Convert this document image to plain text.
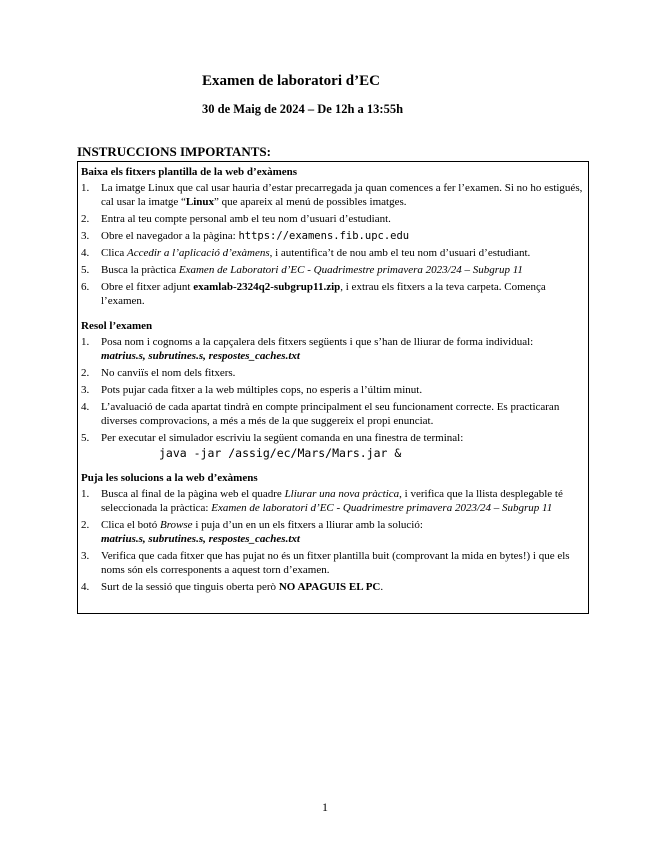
Examen de laboratori d’EC
30 de Maig de 2024 – De 12h a 13:55h
INSTRUCCIONS IMPORTANTS:
Baixa els fitxers plantilla de la web d’exàmens
1. La imatge Linux que cal usar hauria d’estar precarregada ja quan comences a fer l’examen. Si no ho estigués, cal usar la imatge “Linux” que apareix al menú de possibles imatges.
2. Entra al teu compte personal amb el teu nom d’usuari d’estudiant.
3. Obre el navegador a la pàgina: https://examens.fib.upc.edu
4. Clica Accedir a l’aplicació d’exàmens, i autentifica’t de nou amb el teu nom d’usuari d’estudiant.
5. Busca la pràctica Examen de Laboratori d’EC - Quadrimestre primavera 2023/24 – Subgrup 11
6. Obre el fitxer adjunt examlab-2324q2-subgrup11.zip, i extrau els fitxers a la teva carpeta. Comença l’examen.
Resol l’examen
1. Posa nom i cognoms a la capçalera dels fitxers següents i que s’han de lliurar de forma individual:
matrius.s, subrutines.s, respostes_caches.txt
2. No canviïs el nom dels fitxers.
3. Pots pujar cada fitxer a la web múltiples cops, no esperis a l’últim minut.
4. L’avaluació de cada apartat tindrà en compte principalment el seu funcionament correcte. Es practicaran diverses comprovacions, a més a més de la que suggereix el propi enunciat.
5. Per executar el simulador escriviu la següent comanda en una finestra de terminal:
java -jar /assig/ec/Mars/Mars.jar &
Puja les solucions a la web d’exàmens
1. Busca al final de la pàgina web el quadre Lliurar una nova pràctica, i verifica que la llista desplegable té seleccionada la pràctica: Examen de laboratori d’EC - Quadrimestre primavera 2023/24 – Subgrup 11
2. Clica el botó Browse i puja d’un en un els fitxers a lliurar amb la solució:
matrius.s, subrutines.s, respostes_caches.txt
3. Verifica que cada fitxer que has pujat no és un fitxer plantilla buit (comprovant la mida en bytes!) i que els noms són els corresponents a aquest torn d’examen.
4. Surt de la sessió que tinguis oberta però NO APAGUIS EL PC.
1
